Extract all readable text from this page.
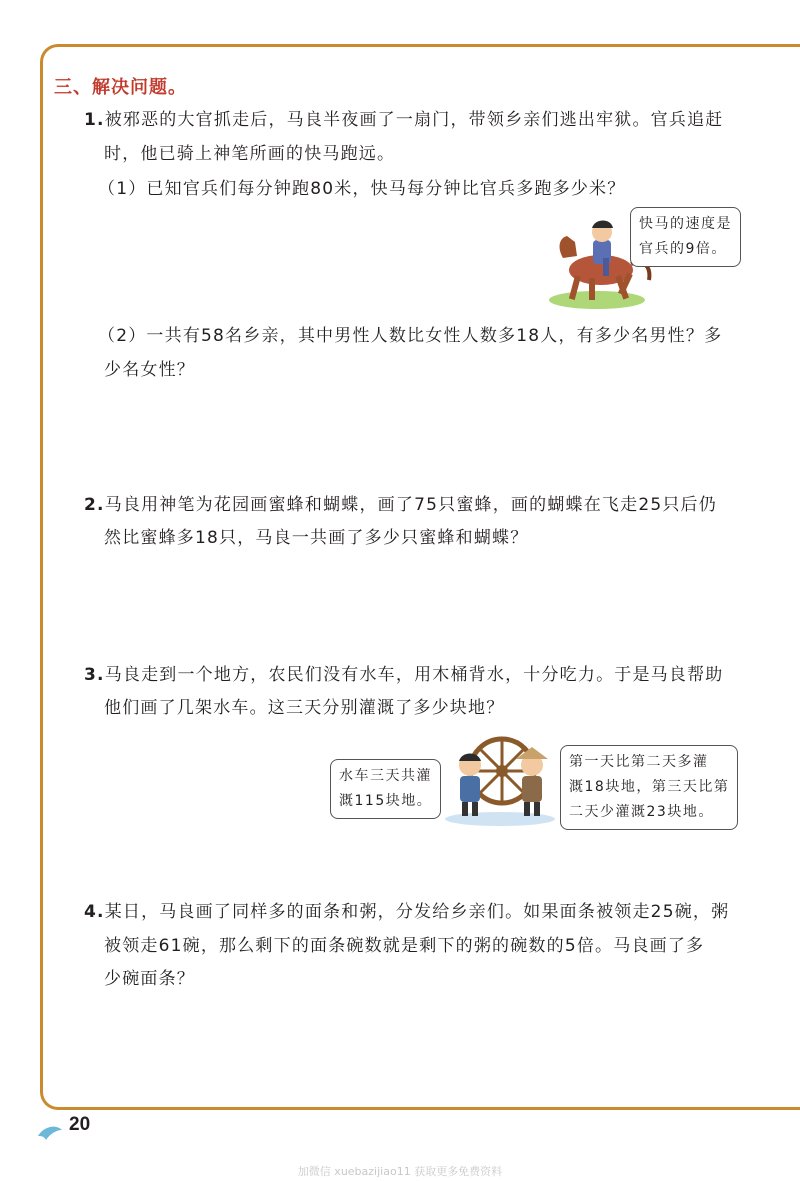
三、解决问题。

1.被邪恶的大官抓走后，马良半夜画了一扇门，带领乡亲们逃出牢狱。官兵追赶

时，他已骑上神笔所画的快马跑远。

（1）已知官兵们每分钟跑80米，快马每分钟比官兵多跑多少米？

快马的速度是
官兵的9倍。

（2）一共有58名乡亲，其中男性人数比女性人数多18人，有多少名男性？多

少名女性？

2.马良用神笔为花园画蜜蜂和蝴蝶，画了75只蜜蜂，画的蝴蝶在飞走25只后仍

然比蜜蜂多18只，马良一共画了多少只蜜蜂和蝴蝶？

3.马良走到一个地方，农民们没有水车，用木桶背水，十分吃力。于是马良帮助

他们画了几架水车。这三天分别灌溉了多少块地？

水车三天共灌
溉115块地。
第一天比第二天多灌
溉18块地，第三天比第
二天少灌溉23块地。

4.某日，马良画了同样多的面条和粥，分发给乡亲们。如果面条被领走25碗，粥

被领走61碗，那么剩下的面条碗数就是剩下的粥的碗数的5倍。马良画了多

少碗面条？

20
加微信 xuebazijiao11 获取更多免费资料
